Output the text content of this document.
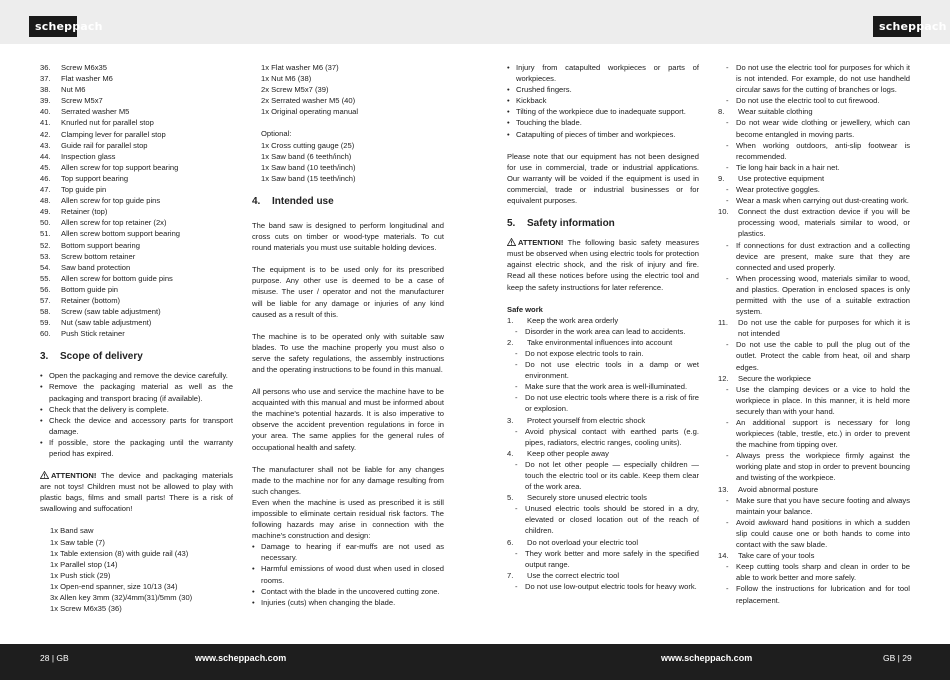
scheppach	scheppach
36.	Screw M6x35
37.	Flat washer M6
38.	Nut M6
39.	Screw M5x7
40.	Serrated washer M5
41.	Knurled nut for parallel stop
42.	Clamping lever for parallel stop
43.	Guide rail for parallel stop
44.	Inspection glass
45.	Allen screw for top support bearing
46.	Top support bearing
47.	Top guide pin
48.	Allen screw for top guide pins
49.	Retainer (top)
50.	Allen screw for top retainer (2x)
51.	Allen screw bottom support bearing
52.	Bottom support bearing
53.	Screw bottom retainer
54.	Saw band protection
55.	Allen screw for bottom guide pins
56.	Bottom guide pin
57.	Retainer (bottom)
58.	Screw (saw table adjustment)
59.	Nut (saw table adjustment)
60.	Push Stick retainer
3. Scope of delivery
• Open the packaging and remove the device carefully.
• Remove the packaging material as well as the packaging and transport bracing (if available).
• Check that the delivery is complete.
• Check the device and accessory parts for transport damage.
• If possible, store the packaging until the warranty period has expired.

ATTENTION! The device and packaging materials are not toys! Children must not be allowed to play with plastic bags, films and small parts! There is a risk of swallowing and suffocation!

1x Band saw
1x Saw table (7)
1x Table extension (8) with guide rail (43)
1x Parallel stop (14)
1x Push stick (29)
1x Open-end spanner, size 10/13 (34)
3x Allen key 3mm (32)/4mm(31)/5mm (30)
1x Screw M6x35 (36)
1x Flat washer M6 (37)
1x Nut M6 (38)
2x Screw M5x7 (39)
2x Serrated washer M5 (40)
1x Original operating manual
Optional:
1x Cross cutting gauge (25)
1x Saw band (6 teeth/inch)
1x Saw band (10 teeth/inch)
1x Saw band (15 teeth/inch)
4. Intended use

The band saw is designed to perform longitudinal and cross cuts on timber or wood-type materials. To cut round materials you must use suitable holding devices.

The equipment is to be used only for its prescribed purpose. Any other use is deemed to be a case of misuse. The user / operator and not the manufacturer will be liable for any damage or injuries of any kind caused as a result of this.

The machine is to be operated only with suitable saw blades. To use the machine properly you must also o serve the safety regulations, the assembly instructions and the operating instructions to be found in this manual.

All persons who use and service the machine have to be acquainted with this manual and must be informed about the machine's potential hazards. It is also imperative to observe the accident prevention regulations in force in your area. The same applies for the general rules of occupational health and safety.

The manufacturer shall not be liable for any changes made to the machine nor for any damage resulting from such changes.

Even when the machine is used as prescribed it is still impossible to eliminate certain residual risk factors. The following hazards may arise in connection with the machine's construction and design:

• Damage to hearing if ear-muffs are not used as necessary.
• Harmful emissions of wood dust when used in closed rooms.
• Contact with the blade in the uncovered cutting zone.
• Injuries (cuts) when changing the blade.
• Injury from catapulted workpieces or parts of workpieces.
• Crushed fingers.
• Kickback
• Tilting of the workpiece due to inadequate support.
• Touching the blade.
• Catapulting of pieces of timber and workpieces.

Please note that our equipment has not been designed for use in commercial, trade or industrial applications. Our warranty will be voided if the equipment is used in commercial, trade or industrial businesses or for equivalent purposes.

5. Safety information

ATTENTION! The following basic safety measures must be observed when using electric tools for protection against electric shock, and the risk of injury and fire. Read all these notices before using the electric tool and keep the safety instructions for later reference.

Safe work
1.	Keep the work area orderly
- Disorder in the work area can lead to accidents.
2.	Take environmental influences into account
- Do not expose electric tools to rain.
- Do not use electric tools in a damp or wet environment.
- Make sure that the work area is well-illuminated.
- Do not use electric tools where there is a risk of fire or explosion.
3.	Protect yourself from electric shock
- Avoid physical contact with earthed parts (e.g. pipes, radiators, electric ranges, cooling units).
4.	Keep other people away
- Do not let other people — especially children — touch the electric tool or its cable. Keep them clear of the work area.
5.	Securely store unused electric tools
- Unused electric tools should be stored in a dry, elevated or closed location out of the reach of children.
6.	Do not overload your electric tool
- They work better and more safely in the specified output range.
7.	Use the correct electric tool
- Do not use low-output electric tools for heavy work.
- Do not use the electric tool for purposes for which it is not intended. For example, do not use handheld circular saws for the cutting of branches or logs.
- Do not use the electric tool to cut firewood.
8.	Wear suitable clothing
- Do not wear wide clothing or jewellery, which can become entangled in moving parts.
- When working outdoors, anti-slip footwear is recommended.
- Tie long hair back in a hair net.
9.	Use protective equipment
- Wear protective goggles.
- Wear a mask when carrying out dust-creating work.
10.	Connect the dust extraction device if you will be processing wood, materials similar to wood, or plastics.
- If connections for dust extraction and a collecting device are present, make sure that they are connected and used properly.
- When processing wood, materials similar to wood, and plastics. Operation in enclosed spaces is only permitted with the use of a suitable extraction system.
11.	Do not use the cable for purposes for which it is not intended
- Do not use the cable to pull the plug out of the outlet. Protect the cable from heat, oil and sharp edges.
12.	Secure the workpiece
- Use the clamping devices or a vice to hold the workpiece in place. In this manner, it is held more securely than with your hand.
- An additional support is necessary for long workpieces (table, trestle, etc.) in order to prevent the machine from tipping over.
- Always press the workpiece firmly against the working plate and stop in order to prevent bouncing and twisting of the workpiece.
13.	Avoid abnormal posture
- Make sure that you have secure footing and always maintain your balance.
- Avoid awkward hand positions in which a sudden slip could cause one or both hands to come into contact with the saw blade.
14.	Take care of your tools
- Keep cutting tools sharp and clean in order to be able to work better and more safely.
- Follow the instructions for lubrication and for tool replacement.
28 | GB	www.scheppach.com	www.scheppach.com	GB | 29
